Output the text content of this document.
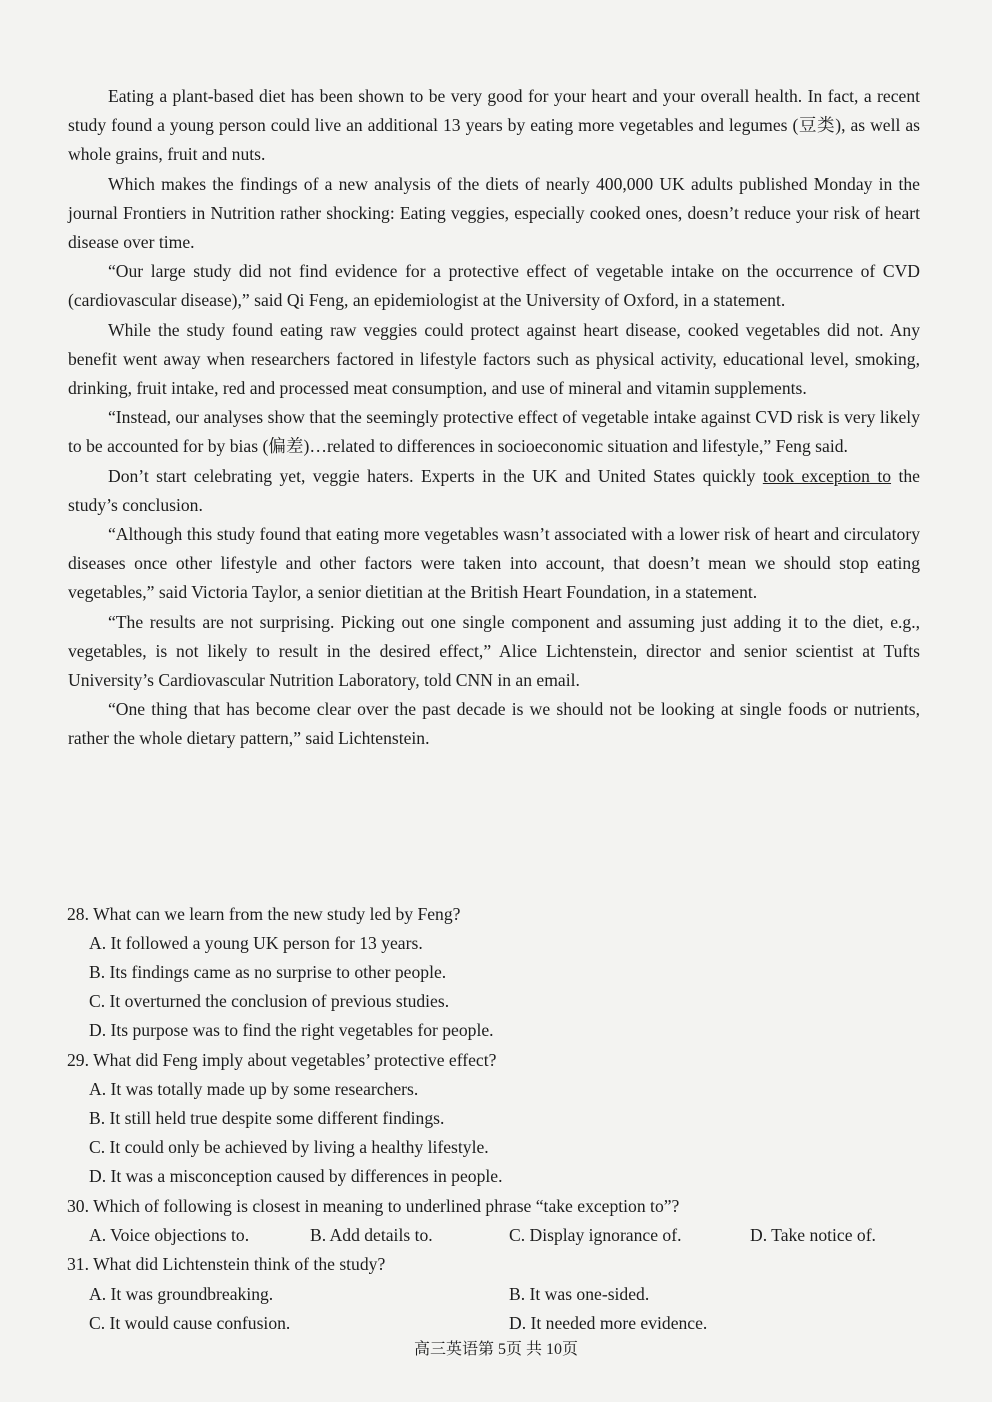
Eating a plant-based diet has been shown to be very good for your heart and your overall health. In fact, a recent study found a young person could live an additional 13 years by eating more vegetables and legumes (豆类), as well as whole grains, fruit and nuts.

Which makes the findings of a new analysis of the diets of nearly 400,000 UK adults published Monday in the journal Frontiers in Nutrition rather shocking: Eating veggies, especially cooked ones, doesn’t reduce your risk of heart disease over time.

“Our large study did not find evidence for a protective effect of vegetable intake on the occurrence of CVD (cardiovascular disease),” said Qi Feng, an epidemiologist at the University of Oxford, in a statement.

While the study found eating raw veggies could protect against heart disease, cooked vegetables did not. Any benefit went away when researchers factored in lifestyle factors such as physical activity, educational level, smoking, drinking, fruit intake, red and processed meat consumption, and use of mineral and vitamin supplements.

“Instead, our analyses show that the seemingly protective effect of vegetable intake against CVD risk is very likely to be accounted for by bias (偏差)…related to differences in socioeconomic situation and lifestyle,” Feng said.

Don’t start celebrating yet, veggie haters. Experts in the UK and United States quickly took exception to the study’s conclusion.

“Although this study found that eating more vegetables wasn’t associated with a lower risk of heart and circulatory diseases once other lifestyle and other factors were taken into account, that doesn’t mean we should stop eating vegetables,” said Victoria Taylor, a senior dietitian at the British Heart Foundation, in a statement.

“The results are not surprising. Picking out one single component and assuming just adding it to the diet, e.g., vegetables, is not likely to result in the desired effect,” Alice Lichtenstein, director and senior scientist at Tufts University’s Cardiovascular Nutrition Laboratory, told CNN in an email.

“One thing that has become clear over the past decade is we should not be looking at single foods or nutrients, rather the whole dietary pattern,” said Lichtenstein.

28. What can we learn from the new study led by Feng?
A. It followed a young UK person for 13 years.
B. Its findings came as no surprise to other people.
C. It overturned the conclusion of previous studies.
D. Its purpose was to find the right vegetables for people.
29. What did Feng imply about vegetables’ protective effect?
A. It was totally made up by some researchers.
B. It still held true despite some different findings.
C. It could only be achieved by living a healthy lifestyle.
D. It was a misconception caused by differences in people.
30. Which of following is closest in meaning to underlined phrase “take exception to”?
A. Voice objections to.	B. Add details to.	C. Display ignorance of.	D. Take notice of.
31. What did Lichtenstein think of the study?
A. It was groundbreaking.	B. It was one-sided.
C. It would cause confusion.	D. It needed more evidence.
高三英语第 5页 共 10页
